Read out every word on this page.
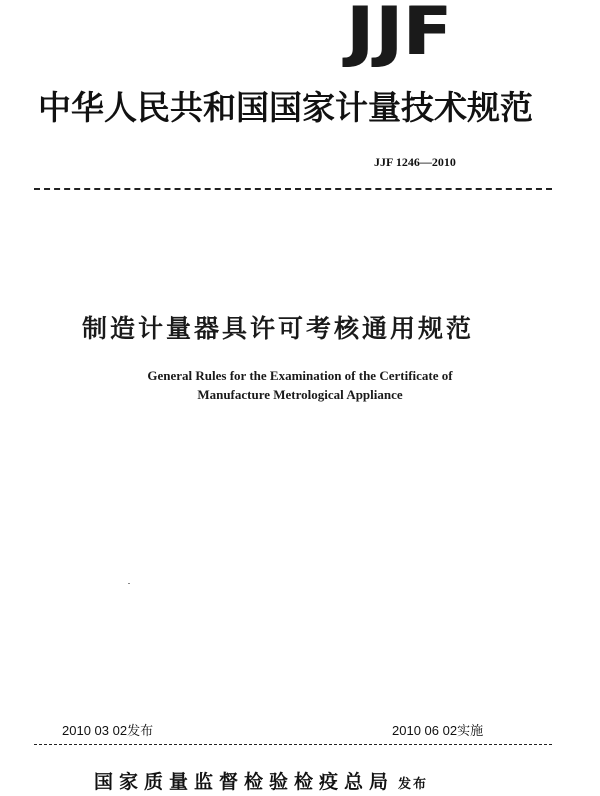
J J F
中华人民共和国国家计量技术规范
JJF 1246—2010
制造计量器具许可考核通用规范
General Rules for the Examination of the Certificate of
Manufacture Metrological Appliance
2010 03 02发布	2010 06 02实施
国家质量监督检验检疫总局 发布
